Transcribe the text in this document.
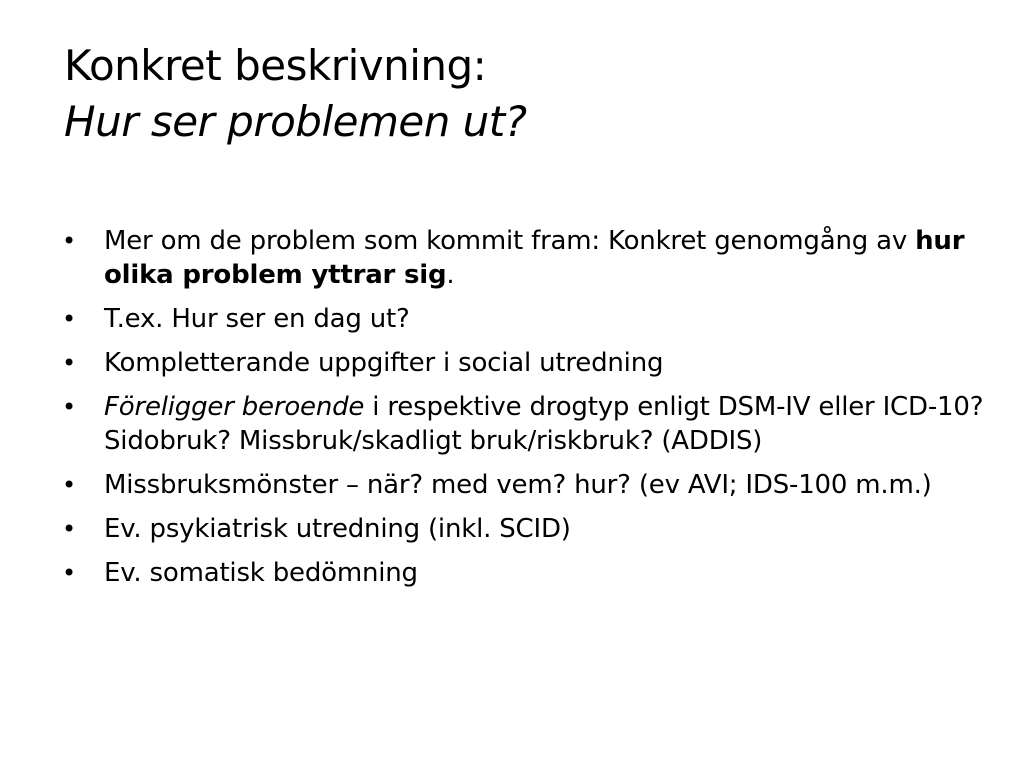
Konkret beskrivning:
Hur ser problemen ut?
•	Mer om de problem som kommit fram: Konkret genomgång av hur olika problem yttrar sig.
•	T.ex. Hur ser en dag ut?
•	Kompletterande uppgifter i social utredning
•	Föreligger beroende i respektive drogtyp enligt DSM-IV eller ICD-10? Sidobruk? Missbruk/skadligt bruk/riskbruk? (ADDIS)
•	Missbruksmönster – när? med vem? hur? (ev AVI; IDS-100 m.m.)
•	Ev. psykiatrisk utredning (inkl. SCID)
•	Ev. somatisk bedömning
